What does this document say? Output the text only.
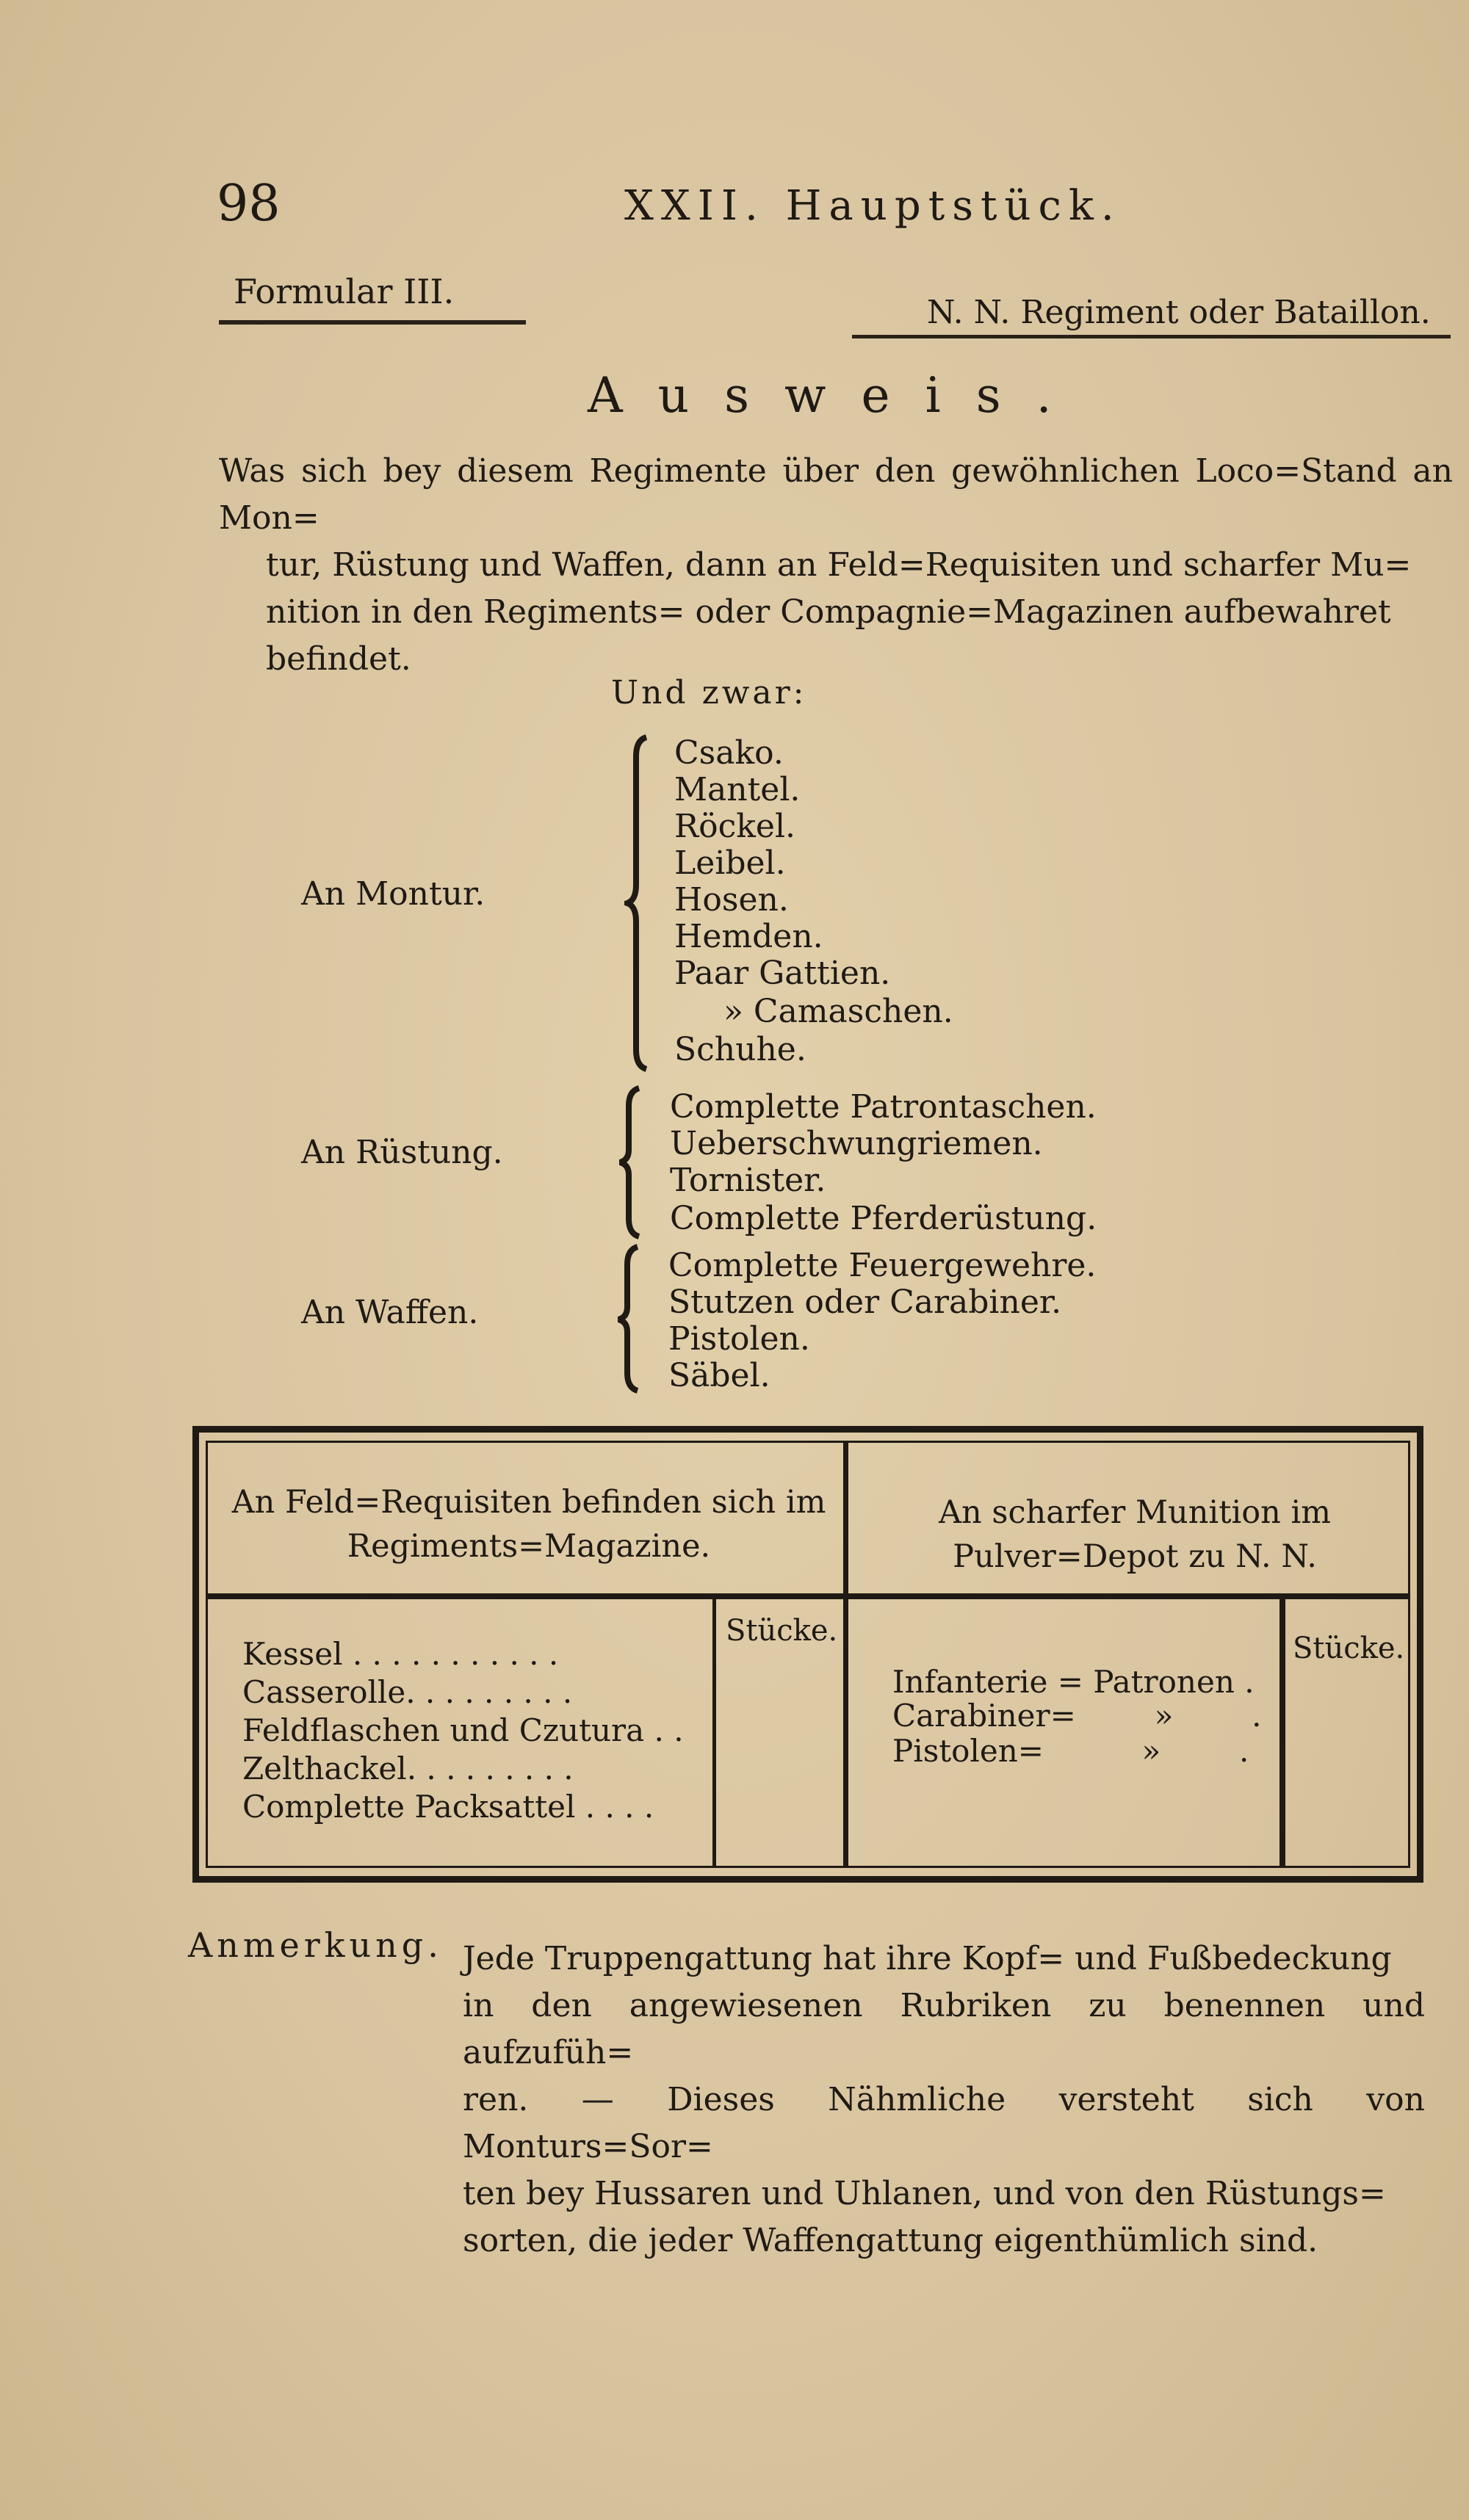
98	XXII. Hauptstück.
Formular III.
N. N. Regiment oder Bataillon.
Ausweis.

Was sich bey diesem Regimente über den gewöhnlichen Loco=Stand an Mon=

tur, Rüstung und Waffen, dann an Feld=Requisiten und scharfer Mu=

nition in den Regiments= oder Compagnie=Magazinen aufbewahret

befindet.

Und zwar:
An Montur.
Csako.
Mantel.
Röckel.
Leibel.
Hosen.
Hemden.
Paar Gattien.
» Camaschen.
Schuhe.
An Rüstung.
Complette Patrontaschen.
Ueberschwungriemen.
Tornister.
Complette Pferderüstung.
An Waffen.
Complette Feuergewehre.
Stutzen oder Carabiner.
Pistolen.
Säbel.
An Feld=Requisiten befinden sich im Regiments=Magazine.
An scharfer Munition im Pulver=Depot zu N. N.
Stücke.
Stücke.
Kessel . . . . . . . . . . .
Casserolle. . . . . . . . .
Feldflaschen und Czutura . .
Zelthackel. . . . . . . . .
Complette Packsattel . . . .
Infanterie = Patronen .
Carabiner=        »        .
Pistolen=          »        .
Anmerkung. Jede Truppengattung hat ihre Kopf= und Fußbedeckung

in den angewiesenen Rubriken zu benennen und aufzufüh=

ren. — Dieses Nähmliche versteht sich von Monturs=Sor=

ten bey Hussaren und Uhlanen, und von den Rüstungs=

sorten, die jeder Waffengattung eigenthümlich sind.
